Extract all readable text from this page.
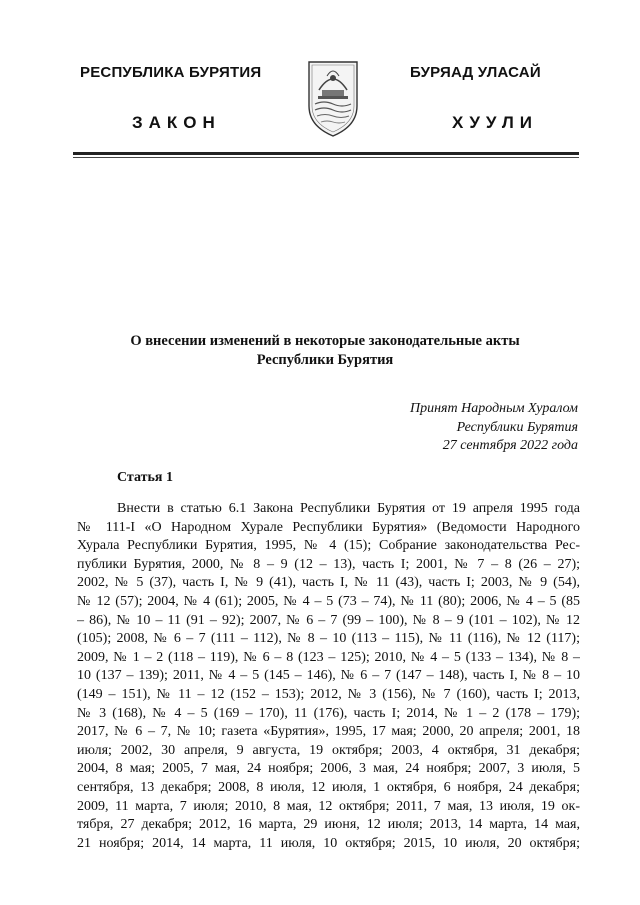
РЕСПУБЛИКА БУРЯТИЯ	БУРЯАД УЛАСАЙ
ЗАКОН	ХУУЛИ
О внесении изменений в некоторые законодательные акты
Республики Бурятия
Принят Народным Хуралом
Республики Бурятия
27 сентября 2022 года
Статья 1
Внести в статью 6.1 Закона Республики Бурятия от 19 апреля 1995 года
№ 111-I «О Народном Хурале Республики Бурятия» (Ведомости Народного
Хурала Республики Бурятия, 1995, № 4 (15); Собрание законодательства Рес-
публики Бурятия, 2000, № 8 – 9 (12 – 13), часть I; 2001, № 7 – 8 (26 – 27);
2002, № 5 (37), часть I, № 9 (41), часть I, № 11 (43), часть I; 2003, № 9 (54),
№ 12 (57); 2004, № 4 (61); 2005, № 4 – 5 (73 – 74), № 11 (80); 2006, № 4 – 5 (85
– 86), № 10 – 11 (91 – 92); 2007, № 6 – 7 (99 – 100), № 8 – 9 (101 – 102), № 12
(105); 2008, № 6 – 7 (111 – 112), № 8 – 10 (113 – 115), № 11 (116), № 12 (117);
2009, № 1 – 2 (118 – 119), № 6 – 8 (123 – 125); 2010, № 4 – 5 (133 – 134), № 8 –
10 (137 – 139); 2011, № 4 – 5 (145 – 146), № 6 – 7 (147 – 148), часть I, № 8 – 10
(149 – 151), № 11 – 12 (152 – 153); 2012, № 3 (156), № 7 (160), часть I; 2013,
№ 3 (168), № 4 – 5 (169 – 170), 11 (176), часть I; 2014, № 1 – 2 (178 – 179);
2017, № 6 – 7, № 10; газета «Бурятия», 1995, 17 мая; 2000, 20 апреля; 2001, 18
июля; 2002, 30 апреля, 9 августа, 19 октября; 2003, 4 октября, 31 декабря;
2004, 8 мая; 2005, 7 мая, 24 ноября; 2006, 3 мая, 24 ноября; 2007, 3 июля, 5
сентября, 13 декабря; 2008, 8 июля, 12 июля, 1 октября, 6 ноября, 24 декабря;
2009, 11 марта, 7 июля; 2010, 8 мая, 12 октября; 2011, 7 мая, 13 июля, 19 ок-
тября, 27 декабря; 2012, 16 марта, 29 июня, 12 июля; 2013, 14 марта, 14 мая,
21 ноября; 2014, 14 марта, 11 июля, 10 октября; 2015, 10 июля, 20 октября;
